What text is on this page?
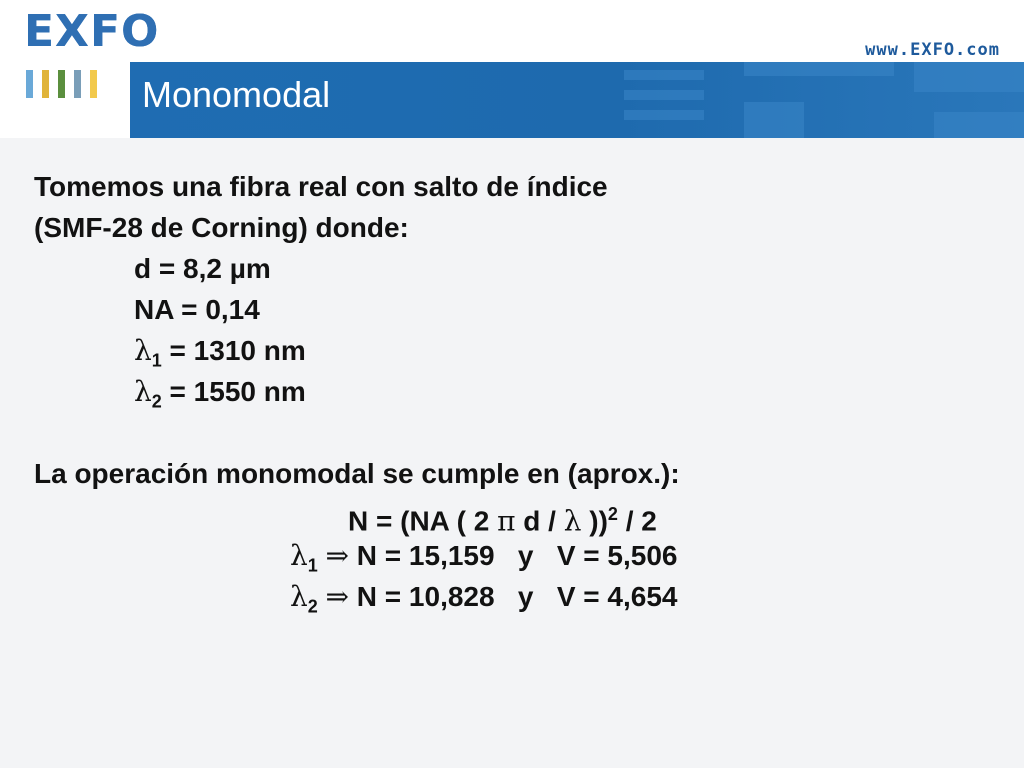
EXFO	www.EXFO.com
Monomodal
Tomemos una fibra real con salto de índice
(SMF-28 de Corning) donde:
d = 8,2 µm
NA = 0,14
$\lambda_1 = 1310$ nm
$\lambda_2 = 1550$ nm
La operación monomodal se cumple en (aprox.):
N = (NA ( 2 π d / λ ))$^2$ / 2
$\lambda_1$ ⇒ N = 15,159   y   V = 5,506
$\lambda_2$ ⇒ N = 10,828   y   V = 4,654
